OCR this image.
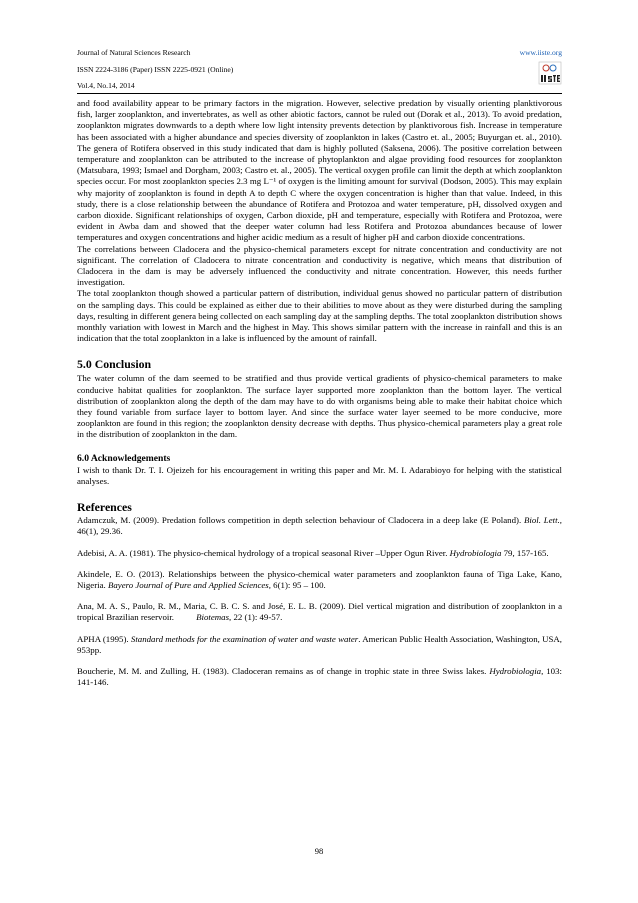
Journal of Natural Sciences Research
ISSN 2224-3186 (Paper) ISSN 2225-0921 (Online)
Vol.4, No.14, 2014
www.iiste.org

and food availability appear to be primary factors in the migration. However, selective predation by visually orienting planktivorous fish, larger zooplankton, and invertebrates, as well as other abiotic factors, cannot be ruled out (Dorak et al., 2013). To avoid predation, zooplankton migrates downwards to a depth where low light intensity prevents detection by planktivorous fish. Increase in temperature has been associated with a higher abundance and species diversity of zooplankton in lakes (Castro et. al., 2005; Buyurgan et. al., 2010). The genera of Rotifera observed in this study indicated that dam is highly polluted (Saksena, 2006). The positive correlation between temperature and zooplankton can be attributed to the increase of phytoplankton and algae providing food resources for zooplankton (Matsubara, 1993; Ismael and Dorgham, 2003; Castro et. al., 2005). The vertical oxygen profile can limit the depth at which zooplankton species occur. For most zooplankton species 2.3 mg L⁻¹ of oxygen is the limiting amount for survival (Dodson, 2005). This may explain why majority of zooplankton is found in depth A to depth C where the oxygen concentration is higher than that value. Indeed, in this study, there is a close relationship between the abundance of Rotifera and Protozoa and water temperature, pH, dissolved oxygen and carbon dioxide. Significant relationships of oxygen, Carbon dioxide, pH and temperature, especially with Rotifera and Protozoa, were evident in Awba dam and showed that the deeper water column had less Rotifera and Protozoa abundances because of lower temperatures and oxygen concentrations and higher acidic medium as a result of higher pH and carbon dioxide concentrations.

The correlations between Cladocera and the physico-chemical parameters except for nitrate concentration and conductivity are not significant. The correlation of Cladocera to nitrate concentration and conductivity is negative, which means that distribution of Cladocera in the dam is may be adversely influenced the conductivity and nitrate concentration. However, this needs further investigation.

The total zooplankton though showed a particular pattern of distribution, individual genus showed no particular pattern of distribution on the sampling days. This could be explained as either due to their abilities to move about as they were disturbed during the sampling days, resulting in different genera being collected on each sampling day at the sampling depths. The total zooplankton distribution shows monthly variation with lowest in March and the highest in May. This shows similar pattern with the increase in rainfall and this is an indication that the total zooplankton in a lake is influenced by the amount of rainfall.

5.0 Conclusion

The water column of the dam seemed to be stratified and thus provide vertical gradients of physico-chemical parameters to make conducive habitat qualities for zooplankton. The surface layer supported more zooplankton than the bottom layer. The vertical distribution of zooplankton along the depth of the dam may have to do with organisms being able to make their habitat choice which they found variable from surface layer to bottom layer. And since the surface water layer seemed to be more conducive, more zooplankton are found in this region; the zooplankton density decrease with depths. Thus physico-chemical parameters play a great role in the distribution of zooplankton in the dam.

6.0 Acknowledgements

I wish to thank Dr. T. I. Ojeizeh for his encouragement in writing this paper and Mr. M. I. Adarabioyo for helping with the statistical analyses.

References

Adamczuk, M. (2009). Predation follows competition in depth selection behaviour of Cladocera in a deep lake (E Poland). Biol. Lett., 46(1), 29.36.

Adebisi, A. A. (1981). The physico-chemical hydrology of a tropical seasonal River –Upper Ogun River. Hydrobiologia 79, 157-165.

Akindele, E. O. (2013). Relationships between the physico-chemical water parameters and zooplankton fauna of Tiga Lake, Kano, Nigeria. Bayero Journal of Pure and Applied Sciences, 6(1): 95 – 100.

Ana, M. A. S., Paulo, R. M., Maria, C. B. C. S. and José, E. L. B. (2009). Diel vertical migration and distribution of zooplankton in a tropical Brazilian reservoir.          Biotemas, 22 (1): 49-57.

APHA (1995). Standard methods for the examination of water and waste water. American Public Health Association, Washington, USA, 953pp.

Boucherie, M. M. and Zulling, H. (1983). Cladoceran remains as of change in trophic state in three Swiss lakes. Hydrobiologia, 103: 141-146.

98
